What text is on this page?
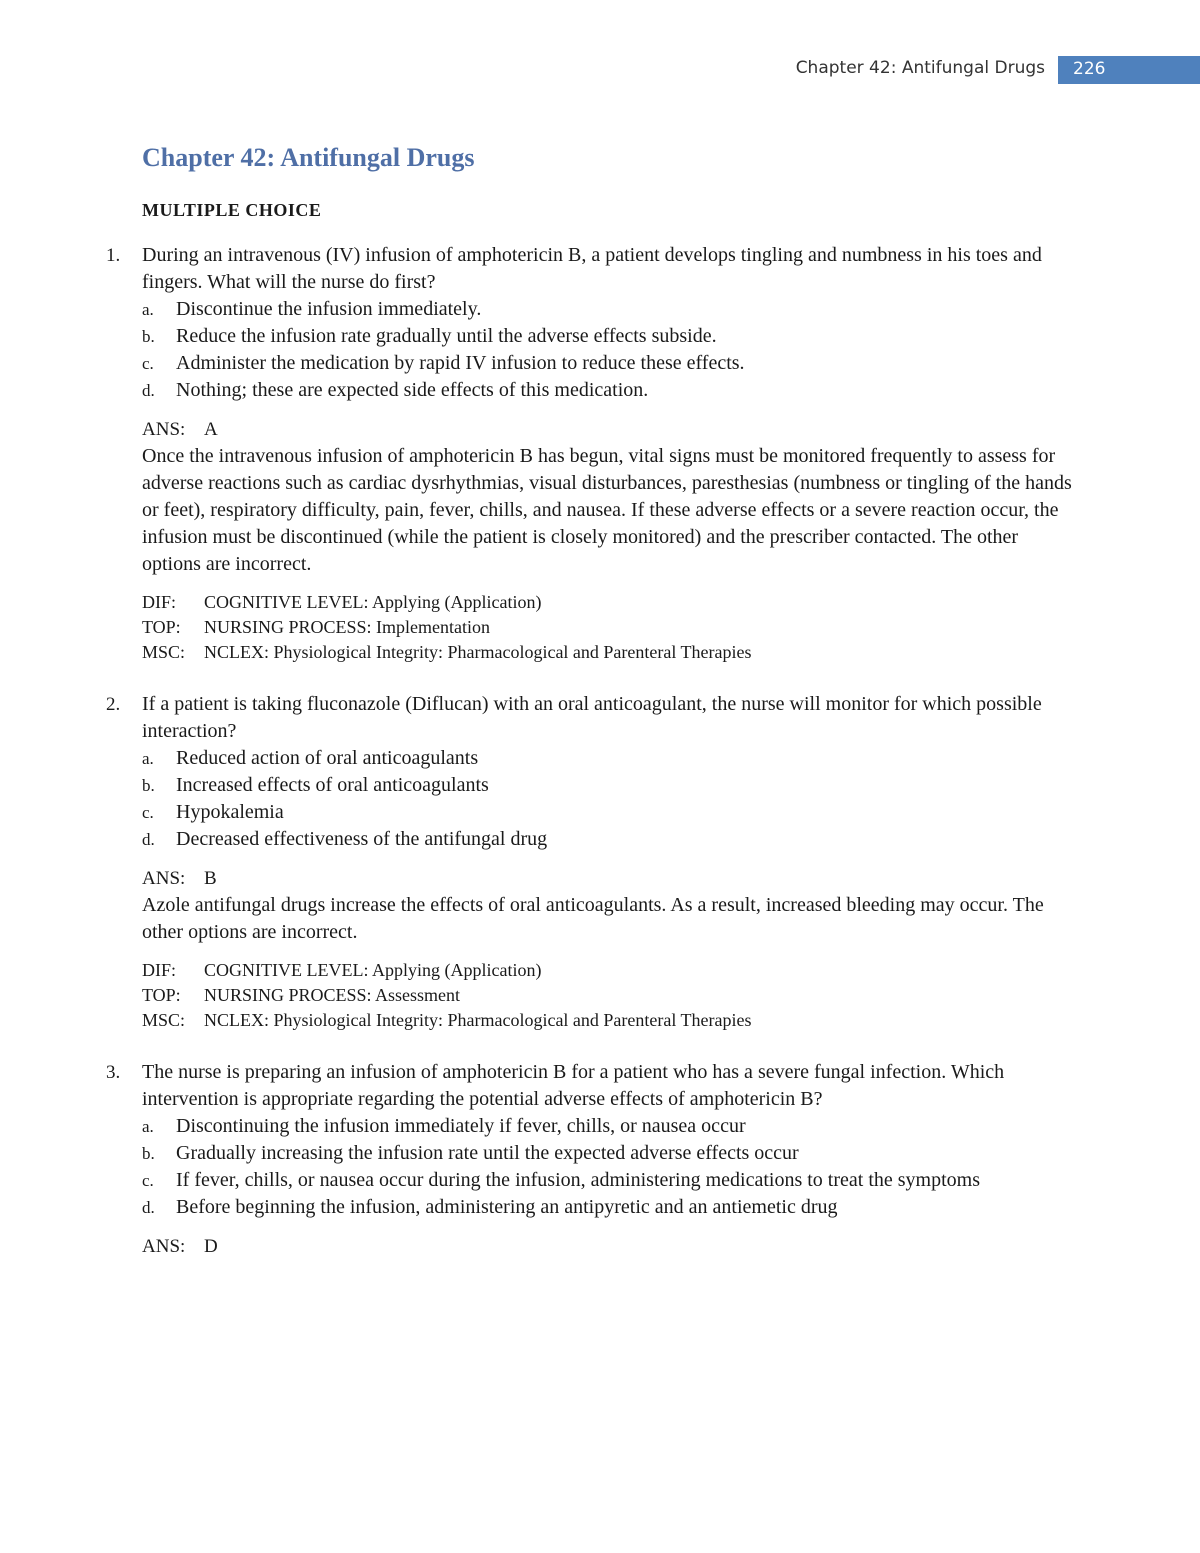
Chapter 42: Antifungal Drugs 226
Chapter 42: Antifungal Drugs
MULTIPLE CHOICE
1. During an intravenous (IV) infusion of amphotericin B, a patient develops tingling and numbness in his toes and fingers. What will the nurse do first?

a. Discontinue the infusion immediately.
b. Reduce the infusion rate gradually until the adverse effects subside.
c. Administer the medication by rapid IV infusion to reduce these effects.
d. Nothing; these are expected side effects of this medication.
ANS: A

Once the intravenous infusion of amphotericin B has begun, vital signs must be monitored frequently to assess for adverse reactions such as cardiac dysrhythmias, visual disturbances, paresthesias (numbness or tingling of the hands or feet), respiratory difficulty, pain, fever, chills, and nausea. If these adverse effects or a severe reaction occur, the infusion must be discontinued (while the patient is closely monitored) and the prescriber contacted. The other options are incorrect.

DIF: COGNITIVE LEVEL: Applying (Application)
TOP: NURSING PROCESS: Implementation
MSC: NCLEX: Physiological Integrity: Pharmacological and Parenteral Therapies
2. If a patient is taking fluconazole (Diflucan) with an oral anticoagulant, the nurse will monitor for which possible interaction?

a. Reduced action of oral anticoagulants
b. Increased effects of oral anticoagulants
c. Hypokalemia
d. Decreased effectiveness of the antifungal drug
ANS: B

Azole antifungal drugs increase the effects of oral anticoagulants. As a result, increased bleeding may occur. The other options are incorrect.

DIF: COGNITIVE LEVEL: Applying (Application)
TOP: NURSING PROCESS: Assessment
MSC: NCLEX: Physiological Integrity: Pharmacological and Parenteral Therapies
3. The nurse is preparing an infusion of amphotericin B for a patient who has a severe fungal infection. Which intervention is appropriate regarding the potential adverse effects of amphotericin B?

a. Discontinuing the infusion immediately if fever, chills, or nausea occur
b. Gradually increasing the infusion rate until the expected adverse effects occur
c. If fever, chills, or nausea occur during the infusion, administering medications to treat the symptoms
d. Before beginning the infusion, administering an antipyretic and an antiemetic drug
ANS: D
